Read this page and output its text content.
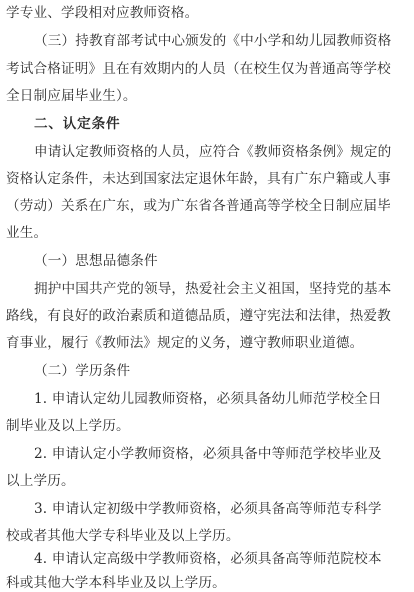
学专业、学段相对应教师资格。
（三）持教育部考试中心颁发的《中小学和幼儿园教师资格
考试合格证明》且在有效期内的人员（在校生仅为普通高等学校
全日制应届毕业生）。
二、认定条件
申请认定教师资格的人员，应符合《教师资格条例》规定的
资格认定条件，未达到国家法定退休年龄，具有广东户籍或人事
（劳动）关系在广东，或为广东省各普通高等学校全日制应届毕
业生。
（一）思想品德条件
拥护中国共产党的领导，热爱社会主义祖国，坚持党的基本
路线，有良好的政治素质和道德品质，遵守宪法和法律，热爱教
育事业，履行《教师法》规定的义务，遵守教师职业道德。
（二）学历条件
1. 申请认定幼儿园教师资格，必须具备幼儿师范学校全日
制毕业及以上学历。
2. 申请认定小学教师资格，必须具备中等师范学校毕业及
以上学历。
3. 申请认定初级中学教师资格，必须具备高等师范专科学
校或者其他大学专科毕业及以上学历。
4. 申请认定高级中学教师资格，必须具备高等师范院校本
科或其他大学本科毕业及以上学历。
